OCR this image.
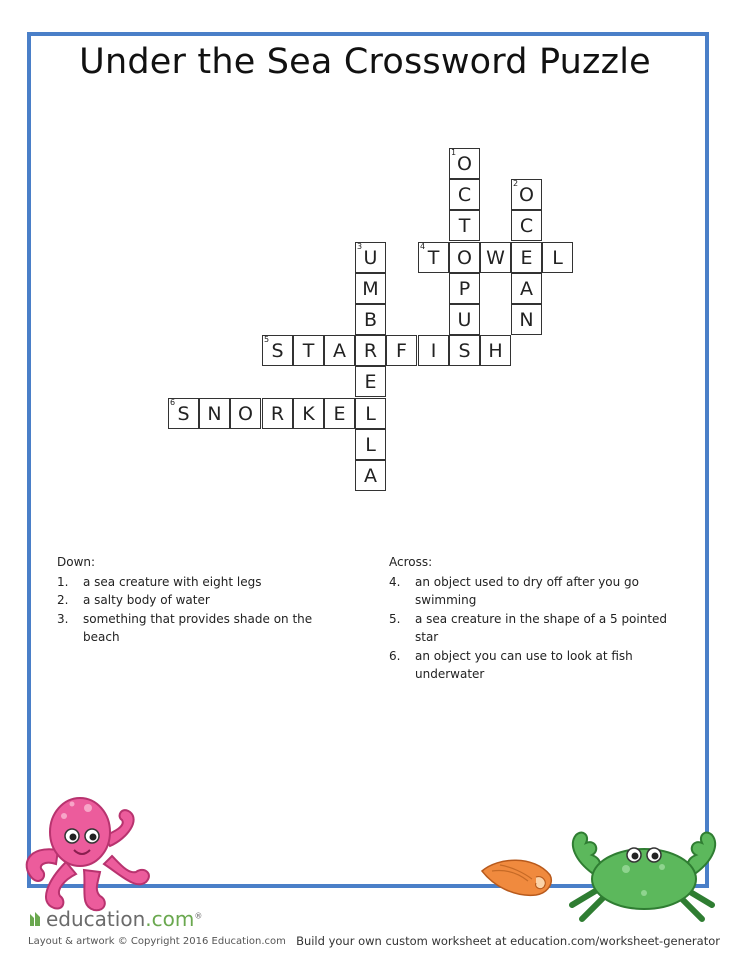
Under the Sea Crossword Puzzle
1
O
C
T
O
P
U
S
2
O
C
E
A
N
3
U
M
B
R
E
L
L
A
4
T	W	L
5
S	T A	F	I	H
6
S N O R K E
Down:
1.	a sea creature with eight legs
2.	a salty body of water
3.	something that provides shade on the beach
Across:
4.	an object used to dry off after you go swimming
5.	a sea creature in the shape of a 5 pointed star
6.	an object you can use to look at fish underwater
education.com®
Layout & artwork © Copyright 2016 Education.com Build your own custom worksheet at education.com/worksheet-generator
